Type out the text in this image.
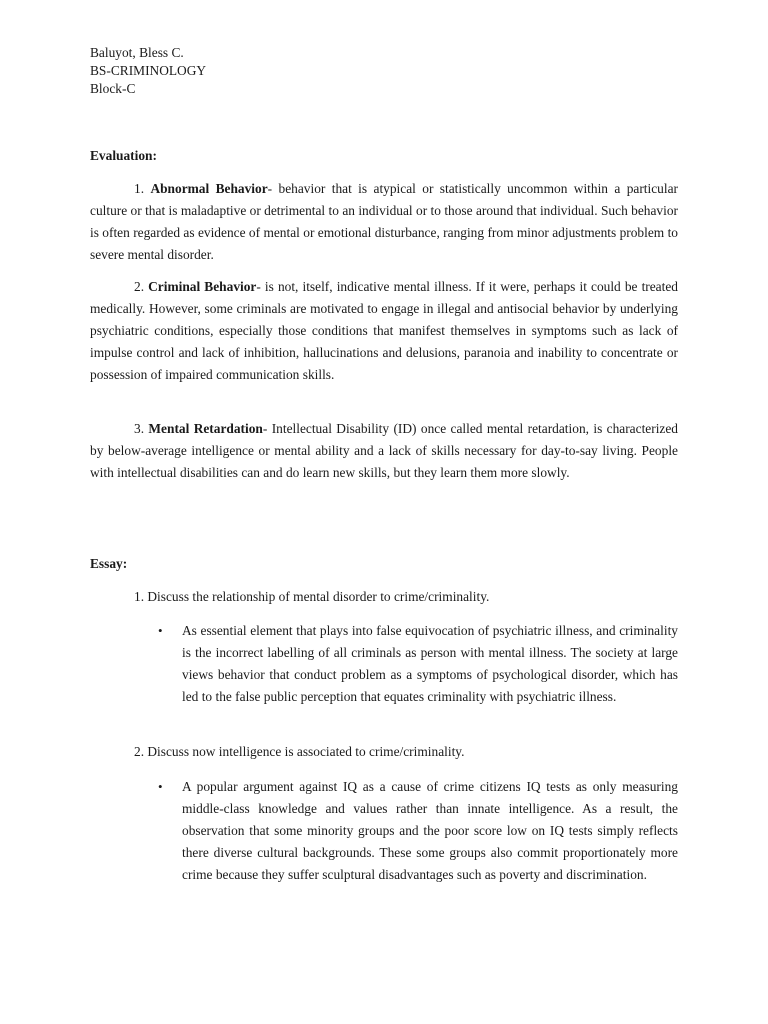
Baluyot, Bless C.
BS-CRIMINOLOGY
Block-C
Evaluation:

1. Abnormal Behavior- behavior that is atypical or statistically uncommon within a particular culture or that is maladaptive or detrimental to an individual or to those around that individual. Such behavior is often regarded as evidence of mental or emotional disturbance, ranging from minor adjustments problem to severe mental disorder.

2. Criminal Behavior- is not, itself, indicative mental illness. If it were, perhaps it could be treated medically. However, some criminals are motivated to engage in illegal and antisocial behavior by underlying psychiatric conditions, especially those conditions that manifest themselves in symptoms such as lack of impulse control and lack of inhibition, hallucinations and delusions, paranoia and inability to concentrate or possession of impaired communication skills.

3. Mental Retardation- Intellectual Disability (ID) once called mental retardation, is characterized by below-average intelligence or mental ability and a lack of skills necessary for day-to-say living. People with intellectual disabilities can and do learn new skills, but they learn them more slowly.

Essay:
1. Discuss the relationship of mental disorder to crime/criminality.
• As essential element that plays into false equivocation of psychiatric illness, and criminality is the incorrect labelling of all criminals as person with mental illness. The society at large views behavior that conduct problem as a symptoms of psychological disorder, which has led to the false public perception that equates criminality with psychiatric illness.

2. Discuss now intelligence is associated to crime/criminality.
• A popular argument against IQ as a cause of crime citizens IQ tests as only measuring middle-class knowledge and values rather than innate intelligence. As a result, the observation that some minority groups and the poor score low on IQ tests simply reflects there diverse cultural backgrounds. These some groups also commit proportionately more crime because they suffer sculptural disadvantages such as poverty and discrimination.
